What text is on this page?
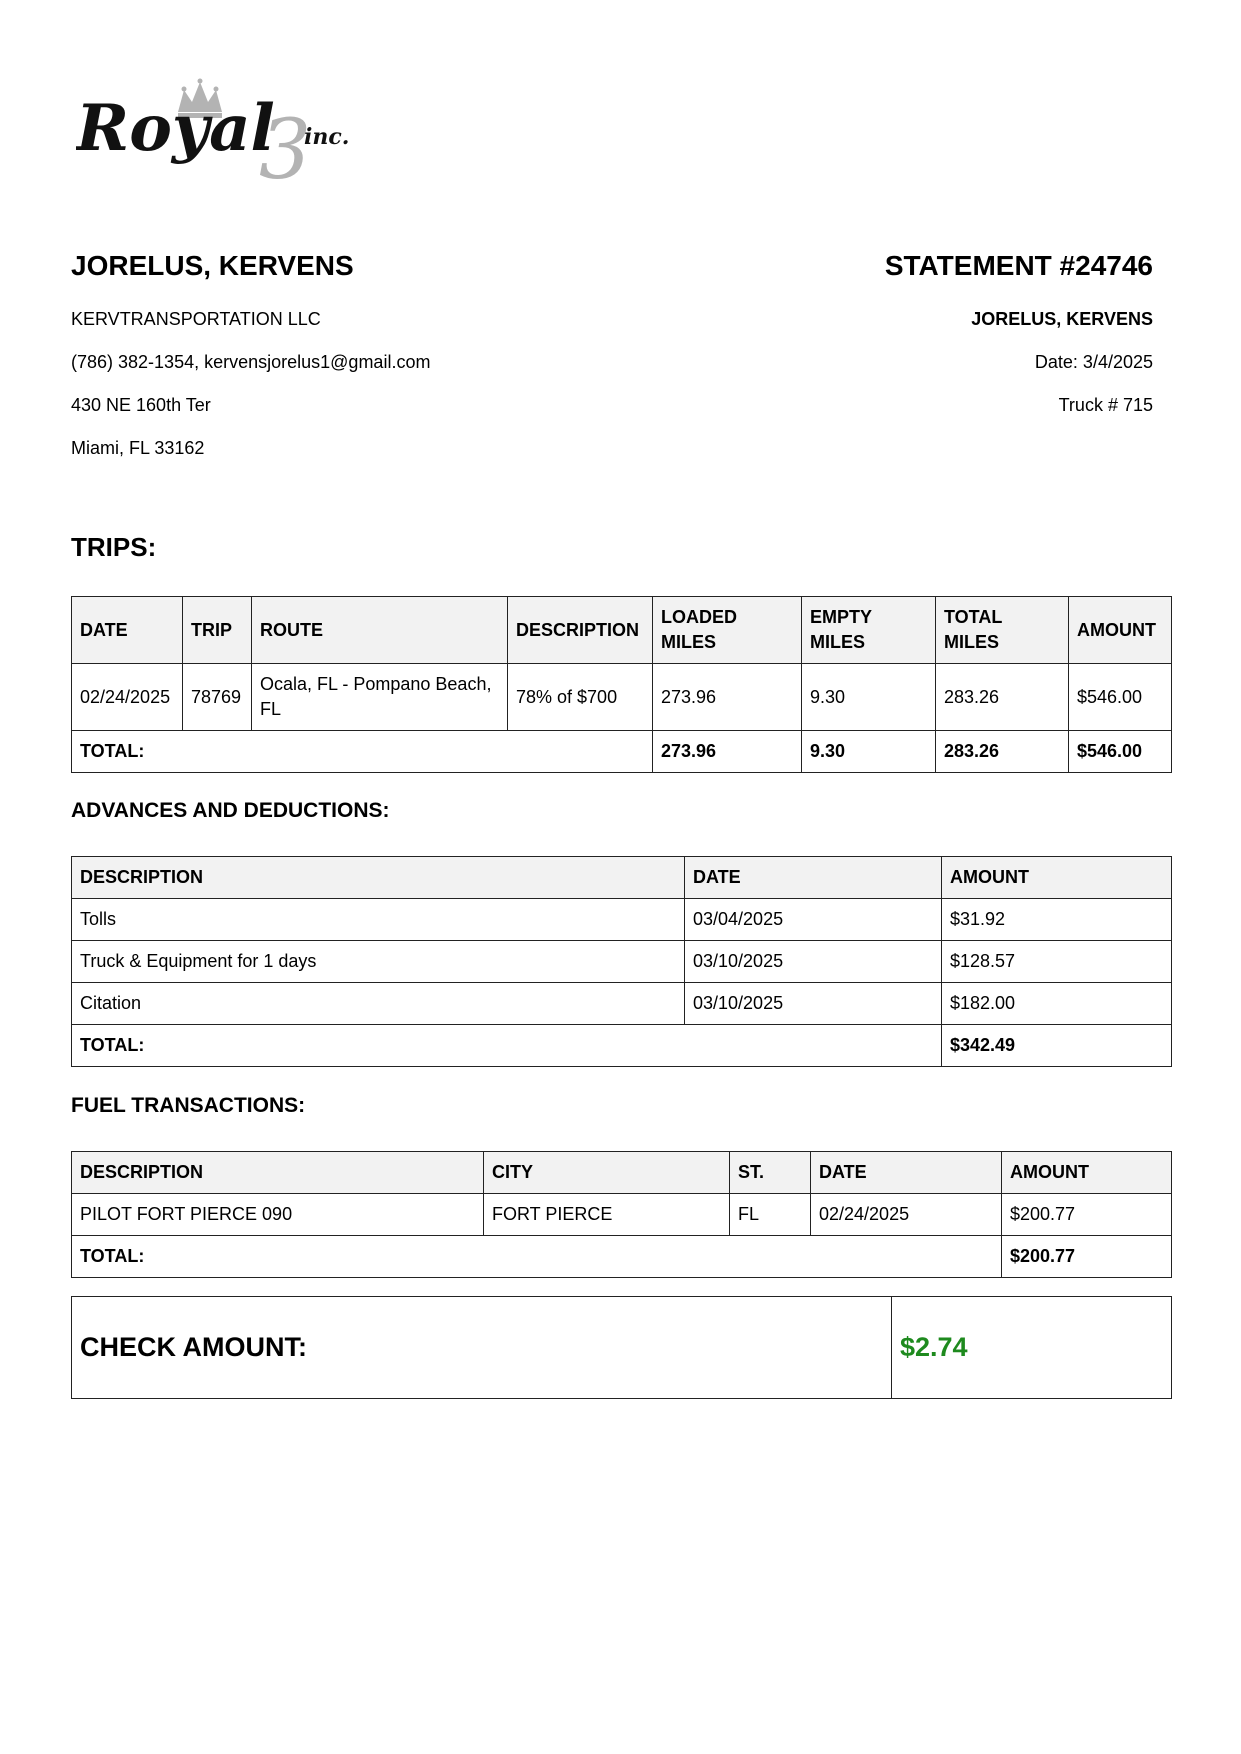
Royal
3
inc.
JORELUS, KERVENS
KERVTRANSPORTATION LLC
(786) 382-1354, kervensjorelus1@gmail.com
430 NE 160th Ter
Miami, FL 33162
STATEMENT #24746
JORELUS, KERVENS
Date: 3/4/2025
Truck # 715
TRIPS:
DATE	TRIP	ROUTE	DESCRIPTION	LOADED MILES	EMPTY MILES	TOTAL MILES	AMOUNT
02/24/2025	78769	Ocala, FL - Pompano Beach, FL	78% of $700	273.96	9.30	283.26	$546.00
TOTAL:				273.96	9.30	283.26	$546.00
ADVANCES AND DEDUCTIONS:
DESCRIPTION	DATE	AMOUNT
Tolls	03/04/2025	$31.92
Truck & Equipment for 1 days	03/10/2025	$128.57
Citation	03/10/2025	$182.00
TOTAL:		$342.49
FUEL TRANSACTIONS:
DESCRIPTION	CITY	ST.	DATE	AMOUNT
PILOT FORT PIERCE 090	FORT PIERCE	FL	02/24/2025	$200.77
TOTAL:				$200.77
CHECK AMOUNT:	$2.74
